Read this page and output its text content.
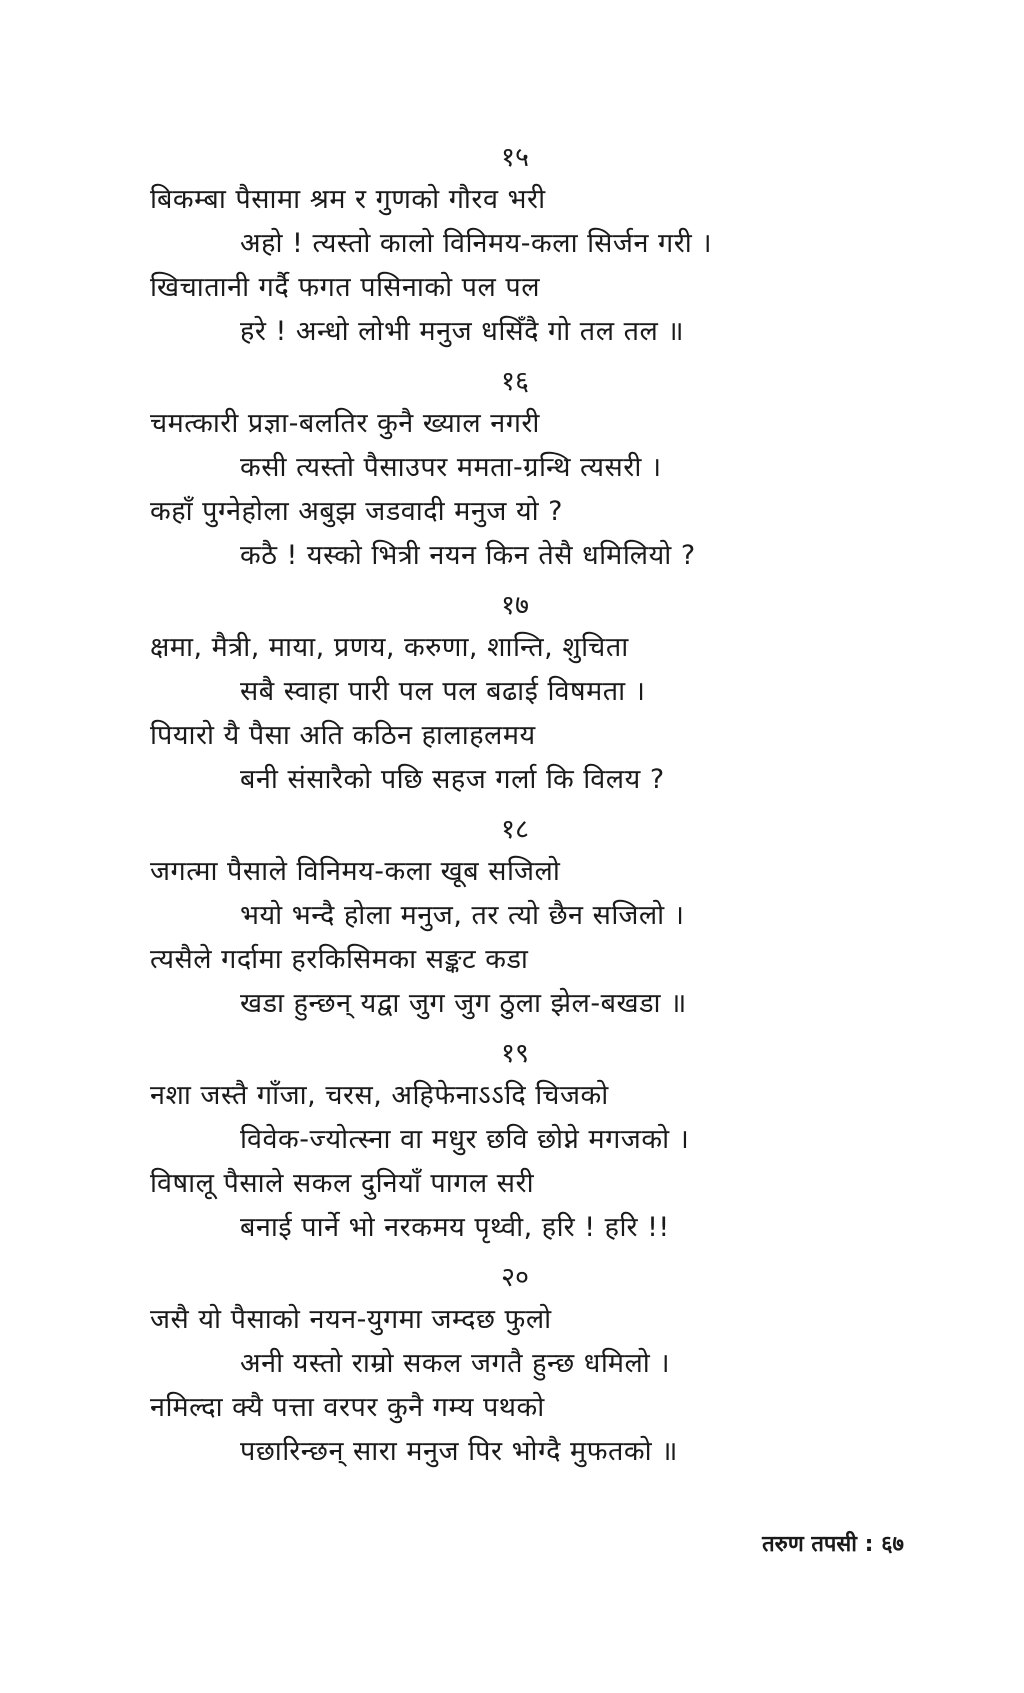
१५
बिकम्बा पैसामा श्रम र गुणको गौरव भरी
अहो ! त्यस्तो कालो विनिमय-कला सिर्जन गरी ।
खिचातानी गर्दै फगत पसिनाको पल पल
हरे ! अन्धो लोभी मनुज धसिँदै गो तल तल ॥
१६
चमत्कारी प्रज्ञा-बलतिर कुनै ख्याल नगरी
कसी त्यस्तो पैसाउपर ममता-ग्रन्थि त्यसरी ।
कहाँ पुग्नेहोला अबुझ जडवादी मनुज यो ?
कठै ! यस्को भित्री नयन किन तेसै धमिलियो ?
१७
क्षमा, मैत्री, माया, प्रणय, करुणा, शान्ति, शुचिता
सबै स्वाहा पारी पल पल बढाई विषमता ।
पियारो यै पैसा अति कठिन हालाहलमय
बनी संसारैको पछि सहज गर्ला कि विलय ?
१८
जगत्मा पैसाले विनिमय-कला खूब सजिलो
भयो भन्दै होला मनुज, तर त्यो छैन सजिलो ।
त्यसैले गर्दामा हरकिसिमका सङ्कट कडा
खडा हुन्छन् यद्वा जुग जुग ठुला झेल-बखडा ॥
१९
नशा जस्तै गाँजा, चरस, अहिफेनाऽऽदि चिजको
विवेक-ज्योत्स्ना वा मधुर छवि छोप्ने मगजको ।
विषालू पैसाले सकल दुनियाँ पागल सरी
बनाई पार्ने भो नरकमय पृथ्वी, हरि ! हरि !!
२०
जसै यो पैसाको नयन-युगमा जम्दछ फुलो
अनी यस्तो राम्रो सकल जगतै हुन्छ धमिलो ।
नमिल्दा क्यै पत्ता वरपर कुनै गम्य पथको
पछारिन्छन् सारा मनुज पिर भोग्दै मुफतको ॥
तरुण तपसी : ६७
